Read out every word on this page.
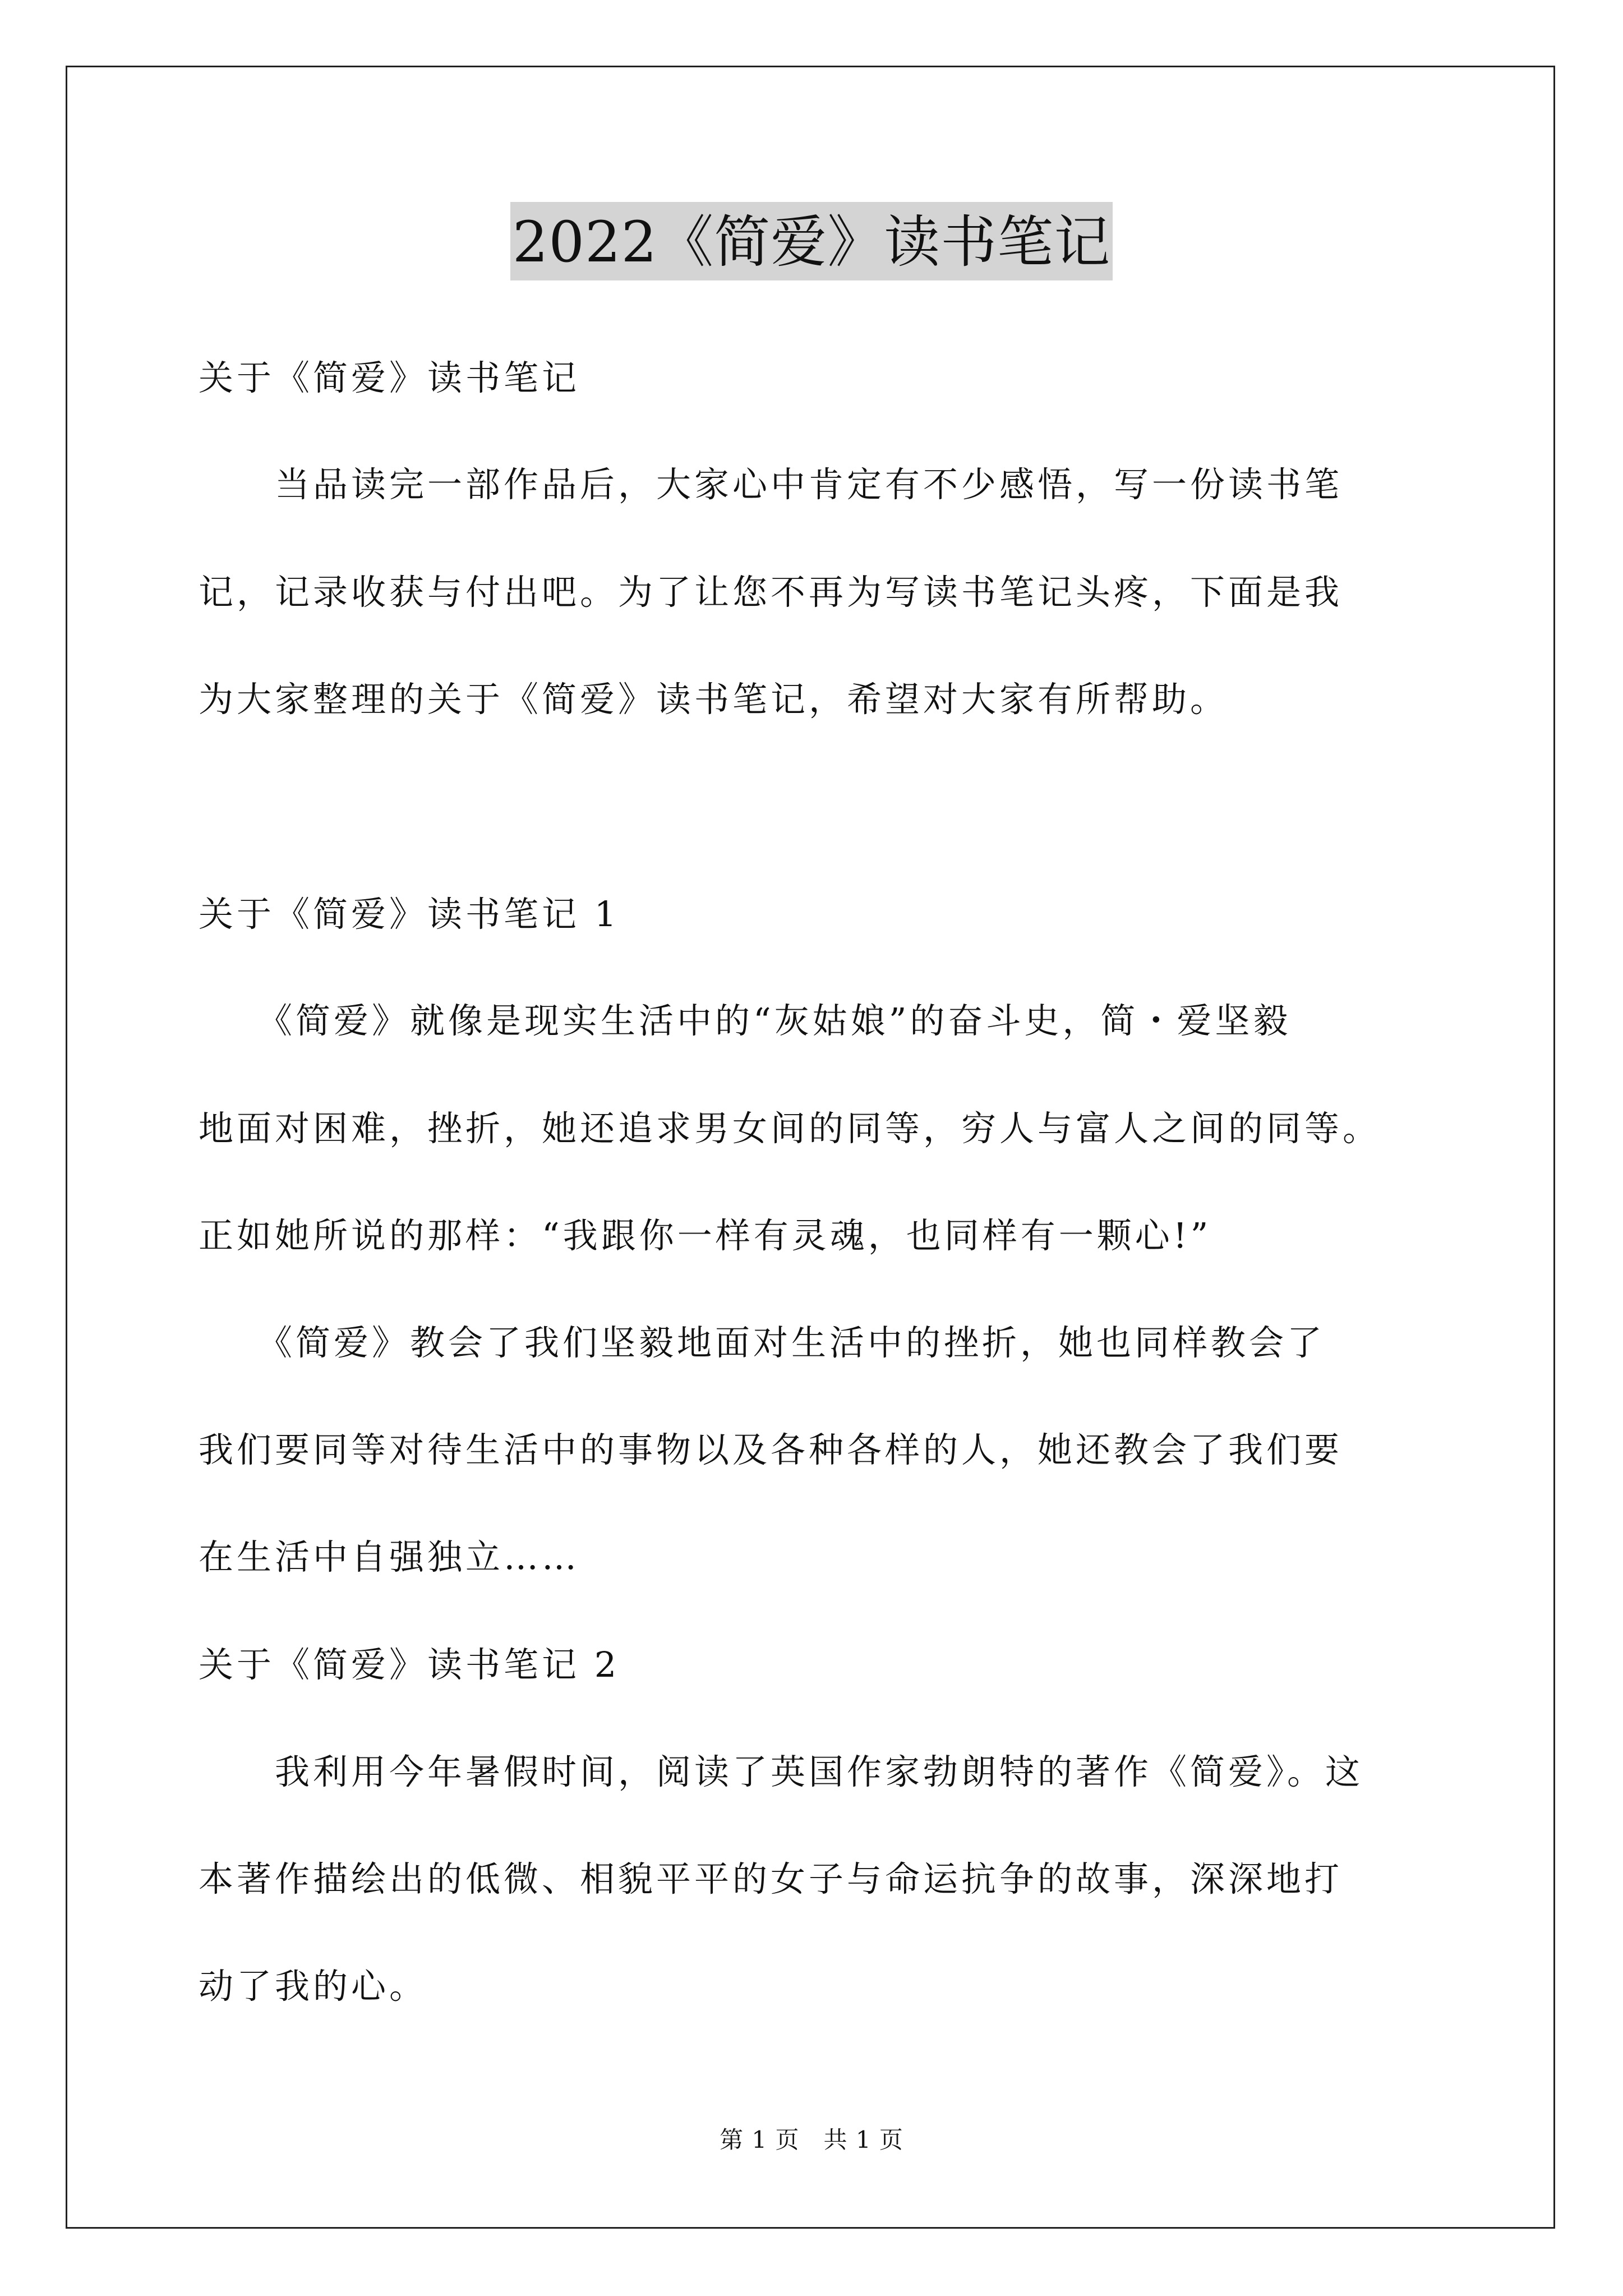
2022《简爱》读书笔记
关于《简爱》读书笔记
　　当品读完一部作品后，大家心中肯定有不少感悟，写一份读书笔
记，记录收获与付出吧。为了让您不再为写读书笔记头疼，下面是我
为大家整理的关于《简爱》读书笔记，希望对大家有所帮助。
关于《简爱》读书笔记 1
　　《简爱》就像是现实生活中的“灰姑娘”的奋斗史，简・爱坚毅
地面对困难，挫折，她还追求男女间的同等，穷人与富人之间的同等。
正如她所说的那样：“我跟你一样有灵魂，也同样有一颗心!”
　　《简爱》教会了我们坚毅地面对生活中的挫折，她也同样教会了
我们要同等对待生活中的事物以及各种各样的人，她还教会了我们要
在生活中自强独立……
关于《简爱》读书笔记 2
　　我利用今年暑假时间，阅读了英国作家勃朗特的著作《简爱》。这
本著作描绘出的低微、相貌平平的女子与命运抗争的故事，深深地打
动了我的心。
第 1 页　共 1 页
